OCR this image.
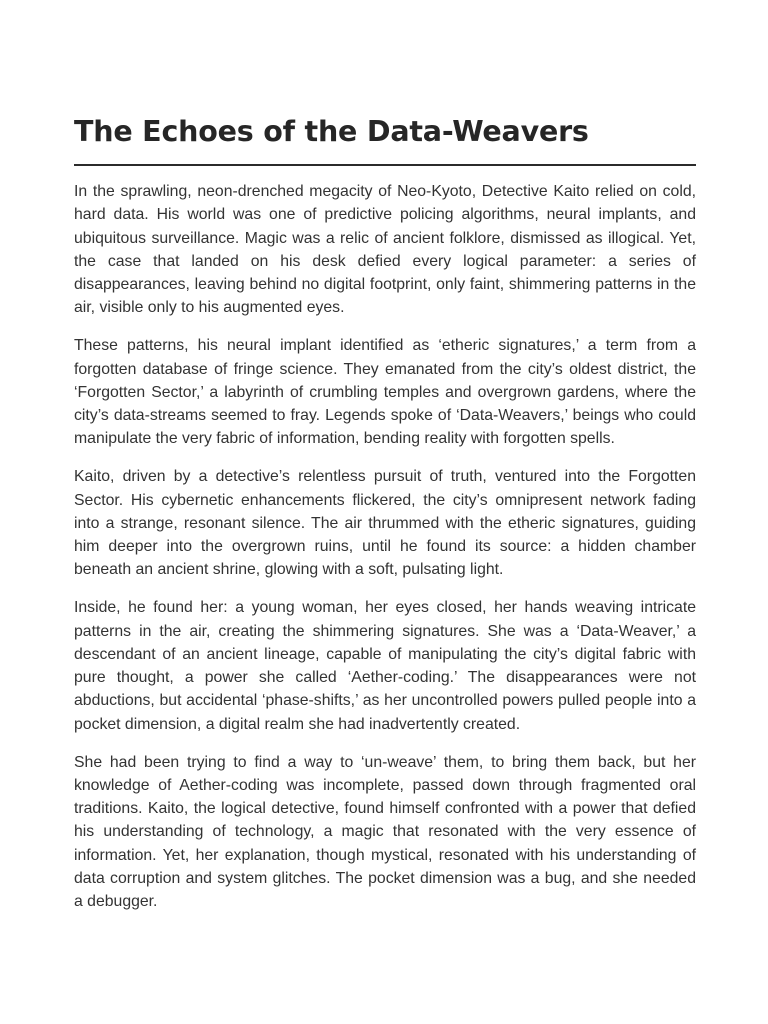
The Echoes of the Data-Weavers

In the sprawling, neon-drenched megacity of Neo-Kyoto, Detective Kaito relied on cold, hard data. His world was one of predictive policing algorithms, neural implants, and ubiquitous surveillance. Magic was a relic of ancient folklore, dismissed as illogical. Yet, the case that landed on his desk defied every logical parameter: a series of disappearances, leaving behind no digital footprint, only faint, shimmering patterns in the air, visible only to his augmented eyes.

These patterns, his neural implant identified as ‘etheric signatures,’ a term from a forgotten database of fringe science. They emanated from the city’s oldest district, the ‘Forgotten Sector,’ a labyrinth of crumbling temples and overgrown gardens, where the city’s data-streams seemed to fray. Legends spoke of ‘Data-Weavers,’ beings who could manipulate the very fabric of information, bending reality with forgotten spells.

Kaito, driven by a detective’s relentless pursuit of truth, ventured into the Forgotten Sector. His cybernetic enhancements flickered, the city’s omnipresent network fading into a strange, resonant silence. The air thrummed with the etheric signatures, guiding him deeper into the overgrown ruins, until he found its source: a hidden chamber beneath an ancient shrine, glowing with a soft, pulsating light.

Inside, he found her: a young woman, her eyes closed, her hands weaving intricate patterns in the air, creating the shimmering signatures. She was a ‘Data-Weaver,’ a descendant of an ancient lineage, capable of manipulating the city’s digital fabric with pure thought, a power she called ‘Aether-coding.’ The disappearances were not abductions, but accidental ‘phase-shifts,’ as her uncontrolled powers pulled people into a pocket dimension, a digital realm she had inadvertently created.

She had been trying to find a way to ‘un-weave’ them, to bring them back, but her knowledge of Aether-coding was incomplete, passed down through fragmented oral traditions. Kaito, the logical detective, found himself confronted with a power that defied his understanding of technology, a magic that resonated with the very essence of information. Yet, her explanation, though mystical, resonated with his understanding of data corruption and system glitches. The pocket dimension was a bug, and she needed a debugger.
